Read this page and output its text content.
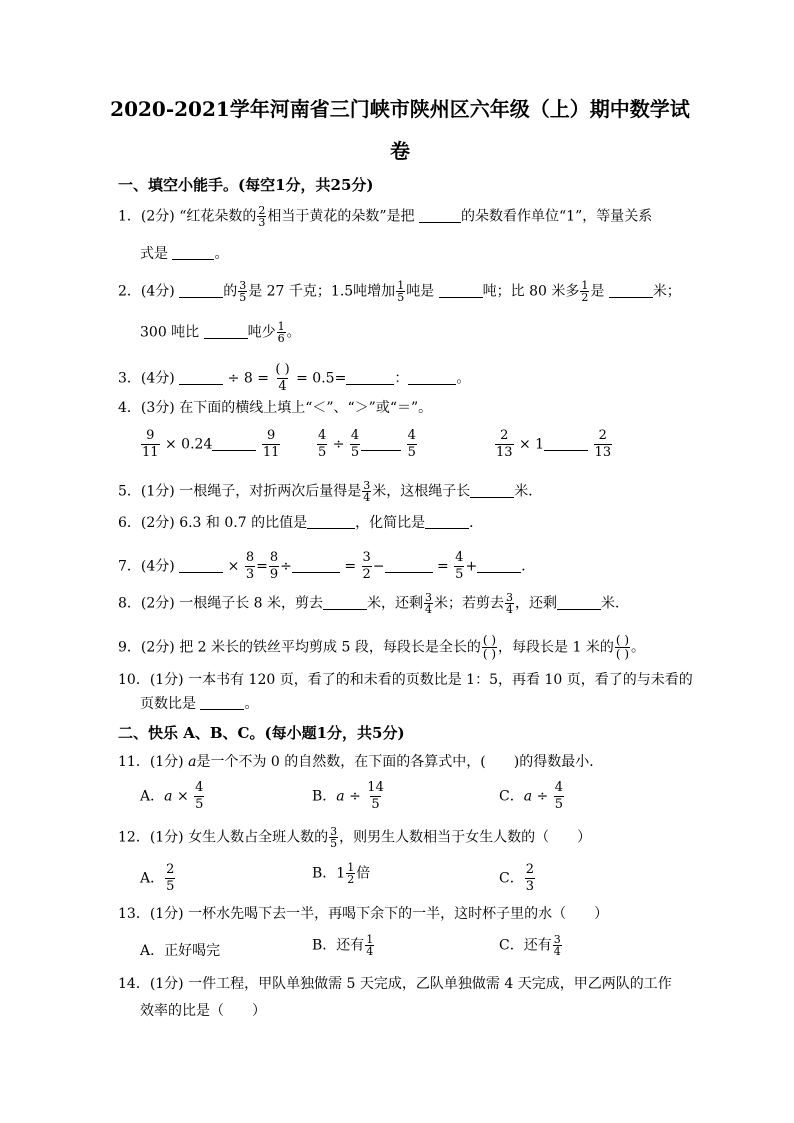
2020-2021学年河南省三门峡市陕州区六年级（上）期中数学试
卷
一、填空小能手。(每空1分，共25分)
1．(2分) “红花朵数的 $\frac{2}{3}$ 相当于黄花的朵数”是把	的朵数看作单位“1”，等量关系
式是	。
2．(4分)	的 $\frac{3}{5}$ 是 27 千克；1.5吨增加 $\frac{1}{5}$ 吨是	吨；比 80 米多 $\frac{1}{2}$ 是	米；
300 吨比	吨少 $\frac{1}{6}$ 。
3．(4分)	÷ $8 = \frac{( )}{4} = 0.5=$	：	。
4．(3分) 在下面的横线上填上“＜”、“＞”或“＝”。
$\frac{9}{11} \times 0.24$	$\frac{9}{11}$	$\frac{4}{5} \div \frac{4}{5}$
	$\frac{4}{5}$	$\frac{2}{13} \times 1$	$\frac{2}{13}$
5．(1分) 一根绳子，对折两次后量得是 $\frac{3}{4}$ 米，这根绳子长	米．
6．(2分) 6.3 和 0.7 的比值是	，化简比是	．
7．(4分)	× $\frac{8}{3} = \frac{8}{9}$ ÷	= $\frac{3}{2}$ −	= $\frac{4}{5}$ +	．
8．(2分) 一根绳子长 8 米，剪去	米，还剩 $\frac{3}{4}$ 米；若剪去 $\frac{3}{4}$ ，还剩	米．
9．(2分) 把 2 米长的铁丝平均剪成 5 段，每段长是全长的 $\frac{( )}{( )}$ ，每段长是 1 米的 $\frac{( )}{( )}$ 。
10．(1分) 一本书有 120 页，看了的和未看的页数比是 1：5，再看 10 页，看了的与未看的
页数比是	。
二、快乐 A、B、C。(每小题1分，共5分)
11．(1分) a是一个不为 0 的自然数，在下面的各算式中，(　　)的得数最小．
A．$a \times \frac{4}{5}$	B．$a \div \frac{14}{5}$	C．$a \div \frac{4}{5}$
12．(1分) 女生人数占全班人数的 $\frac{3}{5}$ ，则男生人数相当于女生人数的（　　）
A． $\frac{2}{5}$	B．$1 \frac{1}{2}$ 倍	C． $\frac{2}{3}$
13．(1分) 一杯水先喝下去一半，再喝下余下的一半，这时杯子里的水（　　）
A．正好喝完	B．还有 $\frac{1}{4}$	C．还有 $\frac{3}{4}$
14．(1分) 一件工程，甲队单独做需 5 天完成，乙队单独做需 4 天完成，甲乙两队的工作
效率的比是（　　）
